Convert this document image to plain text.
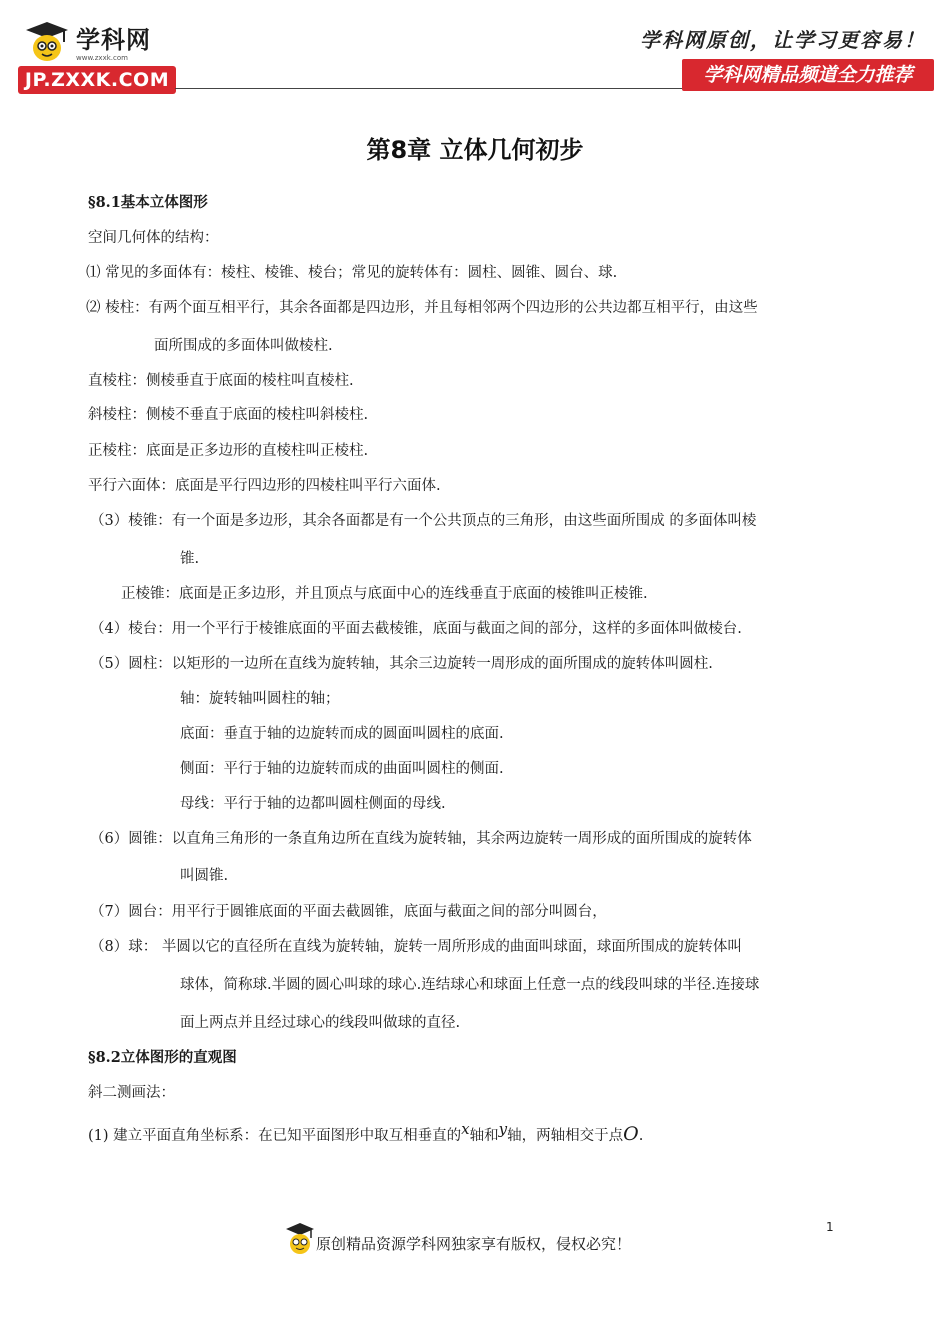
学科网
www.zxxk.com
JP.ZXXK.COM
学科网原创，让学习更容易！
学科网精品频道全力推荐
第8章 立体几何初步
§8.1基本立体图形
空间几何体的结构：
⑴ 常见的多面体有：棱柱、棱锥、棱台；常见的旋转体有：圆柱、圆锥、圆台、球.
⑵ 棱柱：有两个面互相平行，其余各面都是四边形，并且每相邻两个四边形的公共边都互相平行，由这些
面所围成的多面体叫做棱柱.
直棱柱：侧棱垂直于底面的棱柱叫直棱柱.
斜棱柱：侧棱不垂直于底面的棱柱叫斜棱柱.
正棱柱：底面是正多边形的直棱柱叫正棱柱.
平行六面体：底面是平行四边形的四棱柱叫平行六面体.
（3）棱锥：有一个面是多边形，其余各面都是有一个公共顶点的三角形，由这些面所围成 的多面体叫棱
锥.
正棱锥：底面是正多边形，并且顶点与底面中心的连线垂直于底面的棱锥叫正棱锥.
（4）棱台：用一个平行于棱锥底面的平面去截棱锥，底面与截面之间的部分，这样的多面体叫做棱台.
（5）圆柱：以矩形的一边所在直线为旋转轴，其余三边旋转一周形成的面所围成的旋转体叫圆柱.
轴：旋转轴叫圆柱的轴；
底面：垂直于轴的边旋转而成的圆面叫圆柱的底面.
侧面：平行于轴的边旋转而成的曲面叫圆柱的侧面.
母线：平行于轴的边都叫圆柱侧面的母线.
（6）圆锥：以直角三角形的一条直角边所在直线为旋转轴，其余两边旋转一周形成的面所围成的旋转体
叫圆锥.
（7）圆台：用平行于圆锥底面的平面去截圆锥，底面与截面之间的部分叫圆台，
（8）球： 半圆以它的直径所在直线为旋转轴，旋转一周所形成的曲面叫球面，球面所围成的旋转体叫
球体，简称球.半圆的圆心叫球的球心.连结球心和球面上任意一点的线段叫球的半径.连接球
面上两点并且经过球心的线段叫做球的直径.
§8.2立体图形的直观图
斜二测画法：
(1) 建立平面直角坐标系：在已知平面图形中取互相垂直的$^x$轴和$^y$轴，两轴相交于点O.
原创精品资源学科网独家享有版权，侵权必究！
1
